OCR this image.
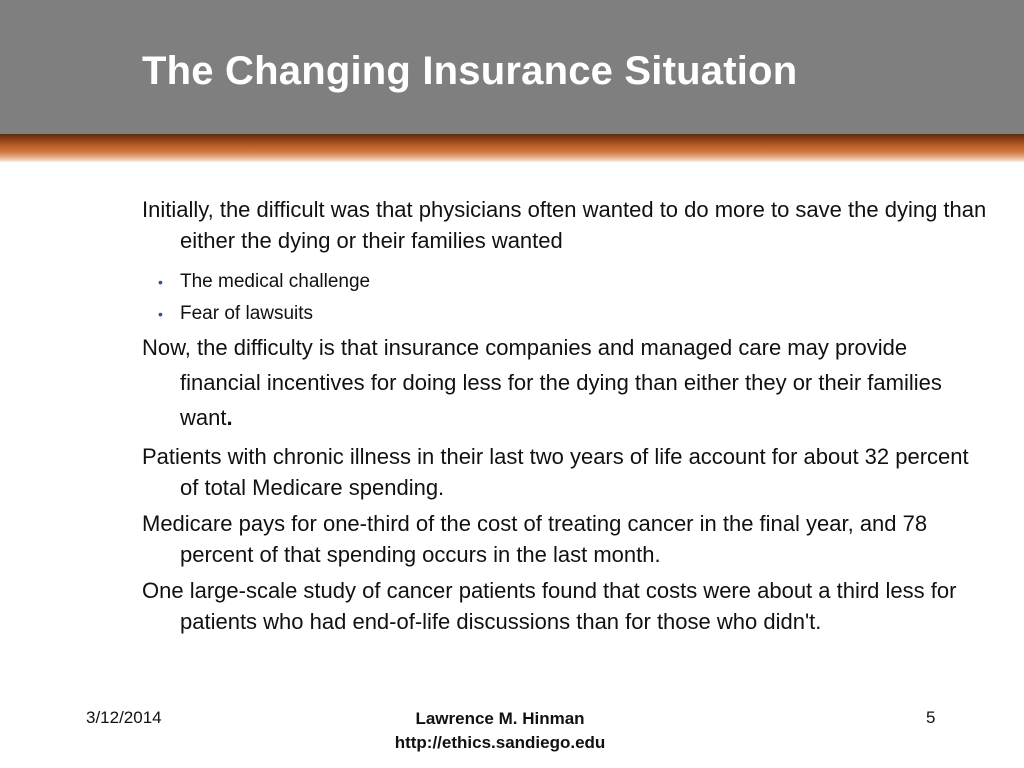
The Changing Insurance Situation

Initially, the difficult was that physicians often wanted to do more to save the dying than either the dying or their families wanted

• The medical challenge
• Fear of lawsuits

Now, the difficulty is that insurance companies and managed care may provide financial incentives for doing less for the dying than either they or their families want.

Patients with chronic illness in their last two years of life account for about 32 percent of total Medicare spending.

Medicare pays for one-third of the cost of treating cancer in the final year, and 78 percent of that spending occurs in the last month.

One large-scale study of cancer patients found that costs were about a third less for patients who had end-of-life discussions than for those who didn't.

3/12/2014	Lawrence M. Hinman
http://ethics.sandiego.edu
5
